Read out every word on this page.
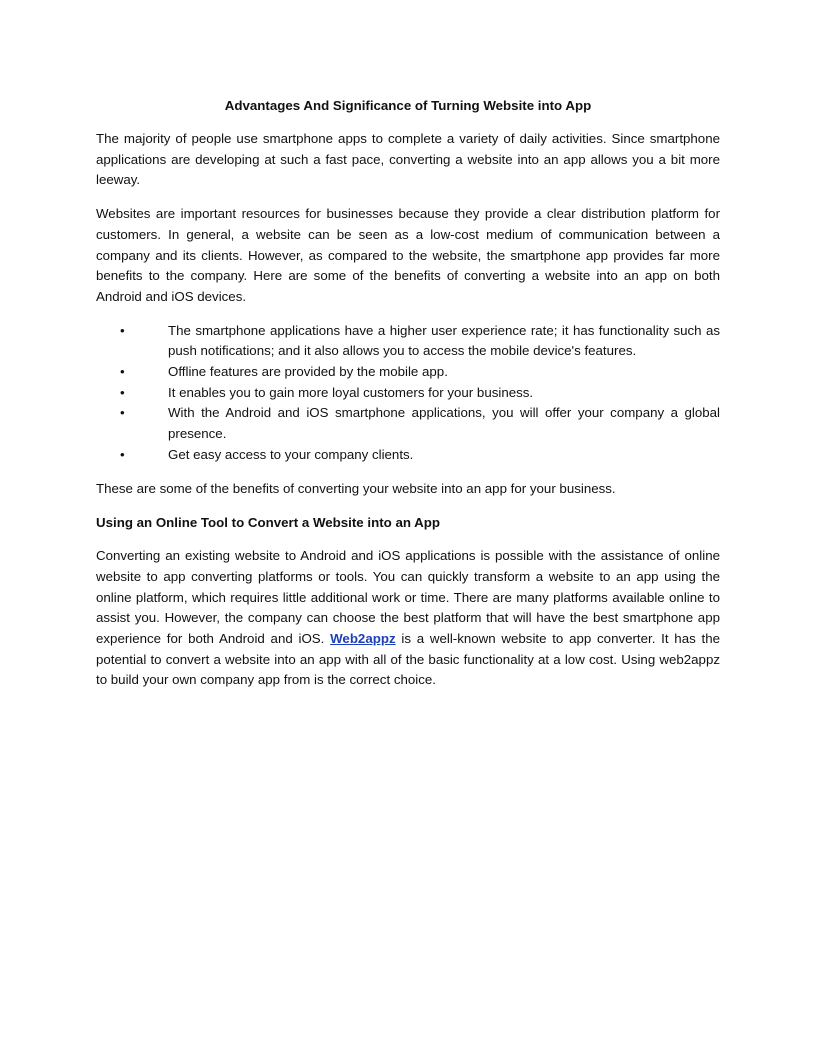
Advantages And Significance of Turning Website into App

The majority of people use smartphone apps to complete a variety of daily activities. Since smartphone applications are developing at such a fast pace, converting a website into an app allows you a bit more leeway.

Websites are important resources for businesses because they provide a clear distribution platform for customers. In general, a website can be seen as a low-cost medium of communication between a company and its clients. However, as compared to the website, the smartphone app provides far more benefits to the company. Here are some of the benefits of converting a website into an app on both Android and iOS devices.

•	The smartphone applications have a higher user experience rate; it has functionality such as push notifications; and it also allows you to access the mobile device's features.
•	Offline features are provided by the mobile app.
•	It enables you to gain more loyal customers for your business.
•	With the Android and iOS smartphone applications, you will offer your company a global presence.
•	Get easy access to your company clients.

These are some of the benefits of converting your website into an app for your business.

Using an Online Tool to Convert a Website into an App

Converting an existing website to Android and iOS applications is possible with the assistance of online website to app converting platforms or tools. You can quickly transform a website to an app using the online platform, which requires little additional work or time. There are many platforms available online to assist you. However, the company can choose the best platform that will have the best smartphone app experience for both Android and iOS. Web2appz is a well-known website to app converter. It has the potential to convert a website into an app with all of the basic functionality at a low cost. Using web2appz to build your own company app from is the correct choice.
